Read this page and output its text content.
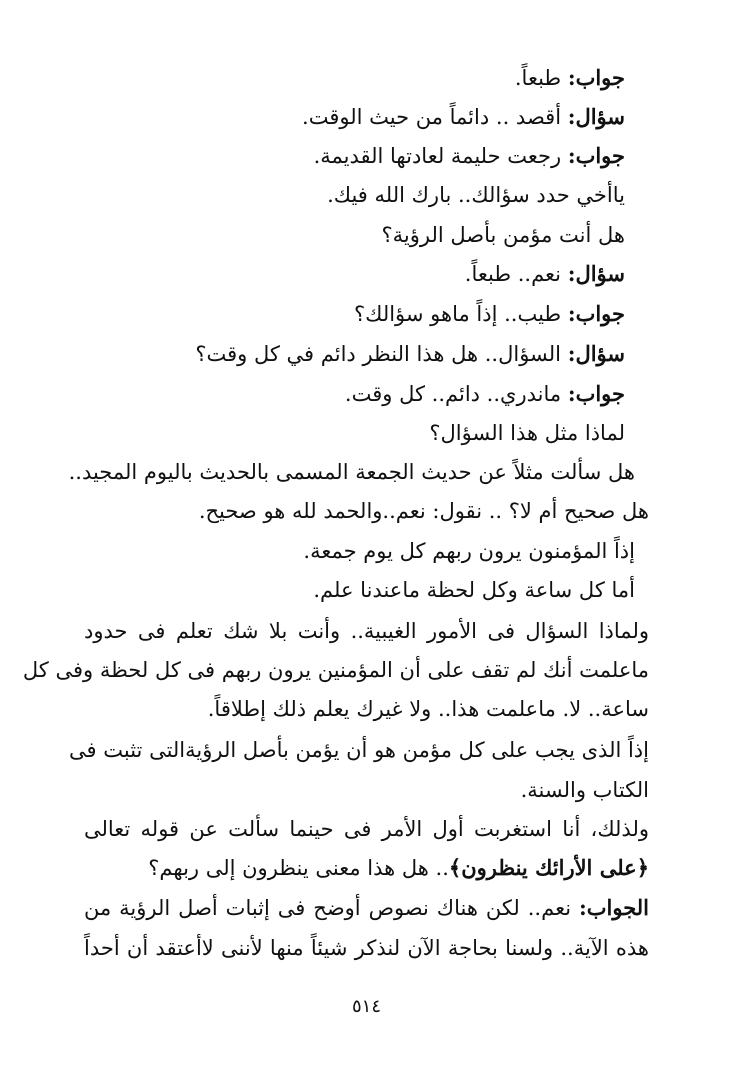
جواب: طبعاً.
سؤال: أقصد .. دائماً من حيث الوقت.
جواب: رجعت حليمة لعادتها القديمة.
ياأخي حدد سؤالك.. بارك الله فيك.
هل أنت مؤمن بأصل الرؤية؟
سؤال: نعم.. طبعاً.
جواب: طيب.. إذاً ماهو سؤالك؟
سؤال: السؤال.. هل هذا النظر دائم في كل وقت؟
جواب: ماندري.. دائم.. كل وقت.
لماذا مثل هذا السؤال؟
هل سألت مثلاً عن حديث الجمعة المسمى بالحديث باليوم المجيد..
هل صحيح أم لا؟ .. نقول: نعم..والحمد لله هو صحيح.
إذاً المؤمنون يرون ربهم كل يوم جمعة.
أما كل ساعة وكل لحظة ماعندنا علم.
ولماذا السؤال فى الأمور الغيبية.. وأنت بلا شك تعلم فى حدود
ماعلمت أنك لم تقف على أن المؤمنين يرون ربهم فى كل لحظة وفى كل
ساعة.. لا. ماعلمت هذا.. ولا غيرك يعلم ذلك إطلاقاً.
إذاً الذى يجب على كل مؤمن هو أن يؤمن بأصل الرؤيةالتى تثبت فى
الكتاب والسنة.
ولذلك، أنا استغربت أول الأمر فى حينما سألت عن قوله تعالى
﴿على الأرائك ينظرون﴾.. هل هذا معنى ينظرون إلى ربهم؟
الجواب: نعم.. لكن هناك نصوص أوضح فى إثبات أصل الرؤية من
هذه الآية.. ولسنا بحاجة الآن لنذكر شيئاً منها لأننى لاأعتقد أن أحداً
٥١٤
